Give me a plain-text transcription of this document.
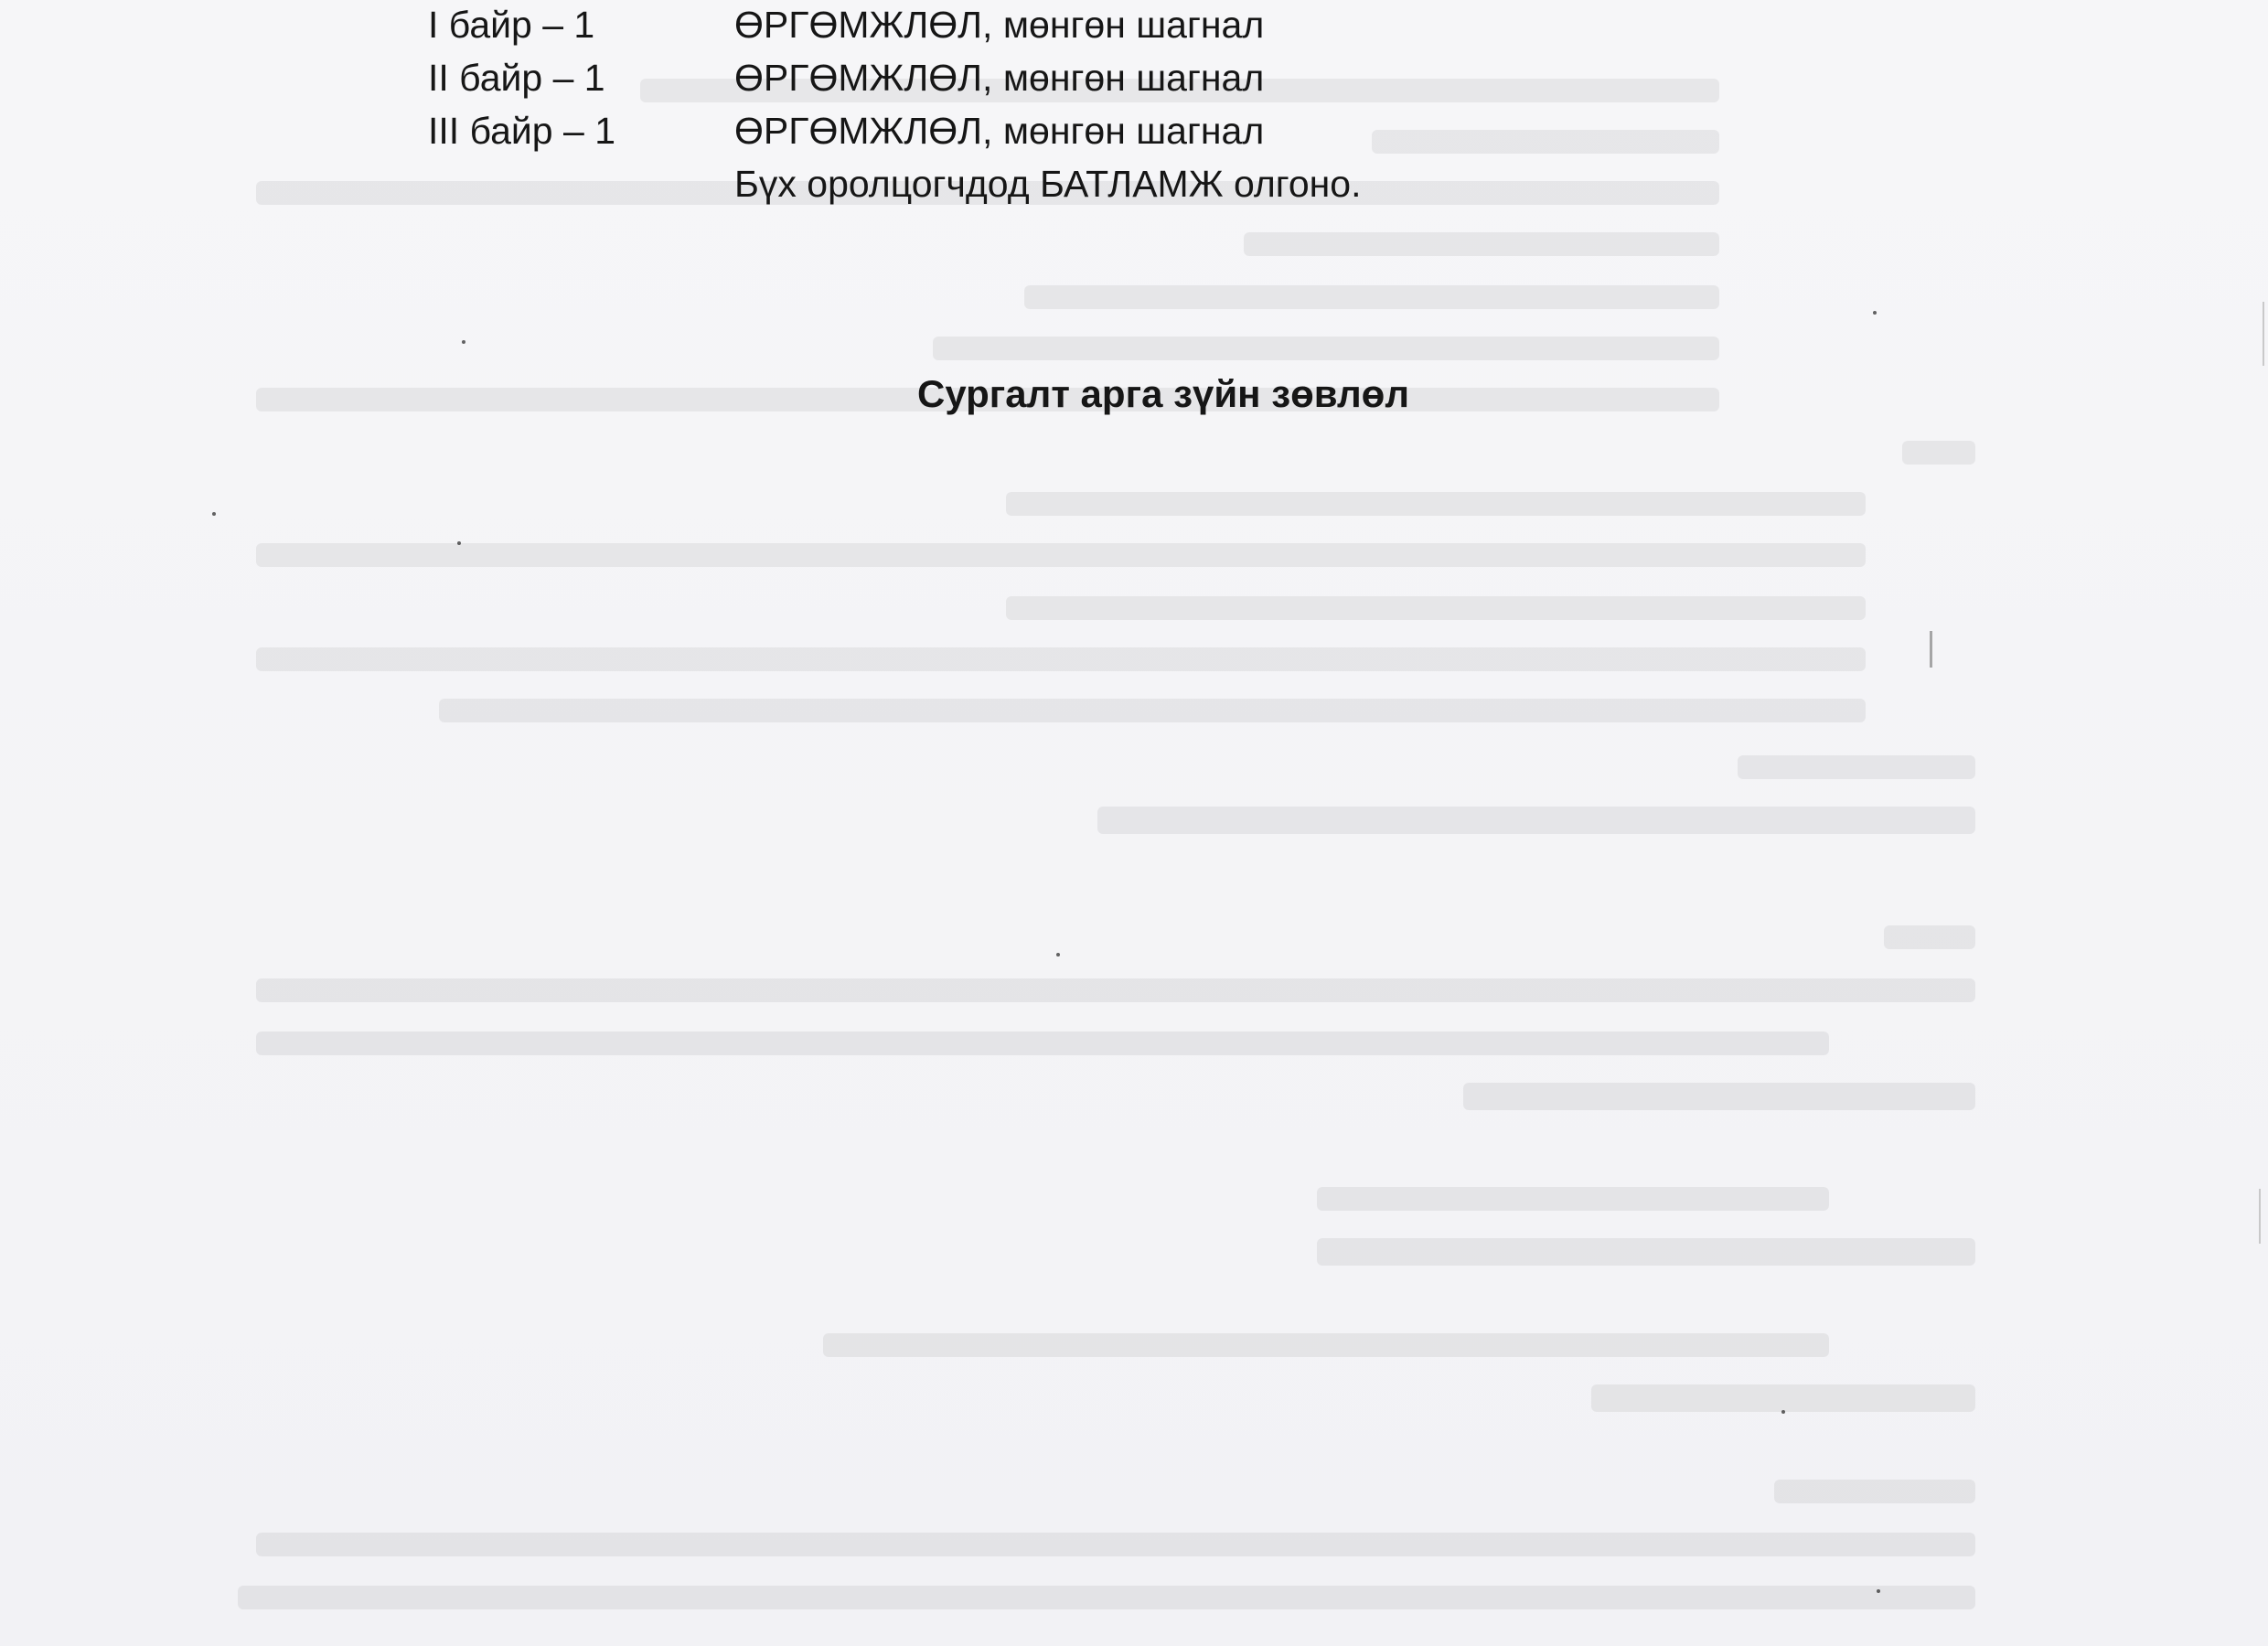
I байр – 1	ӨРГӨМЖЛӨЛ, мөнгөн шагнал
II байр – 1	ӨРГӨМЖЛӨЛ, мөнгөн шагнал
III байр – 1	ӨРГӨМЖЛӨЛ, мөнгөн шагнал
Бүх оролцогчдод БАТЛАМЖ олгоно.
Сургалт арга зүйн зөвлөл
